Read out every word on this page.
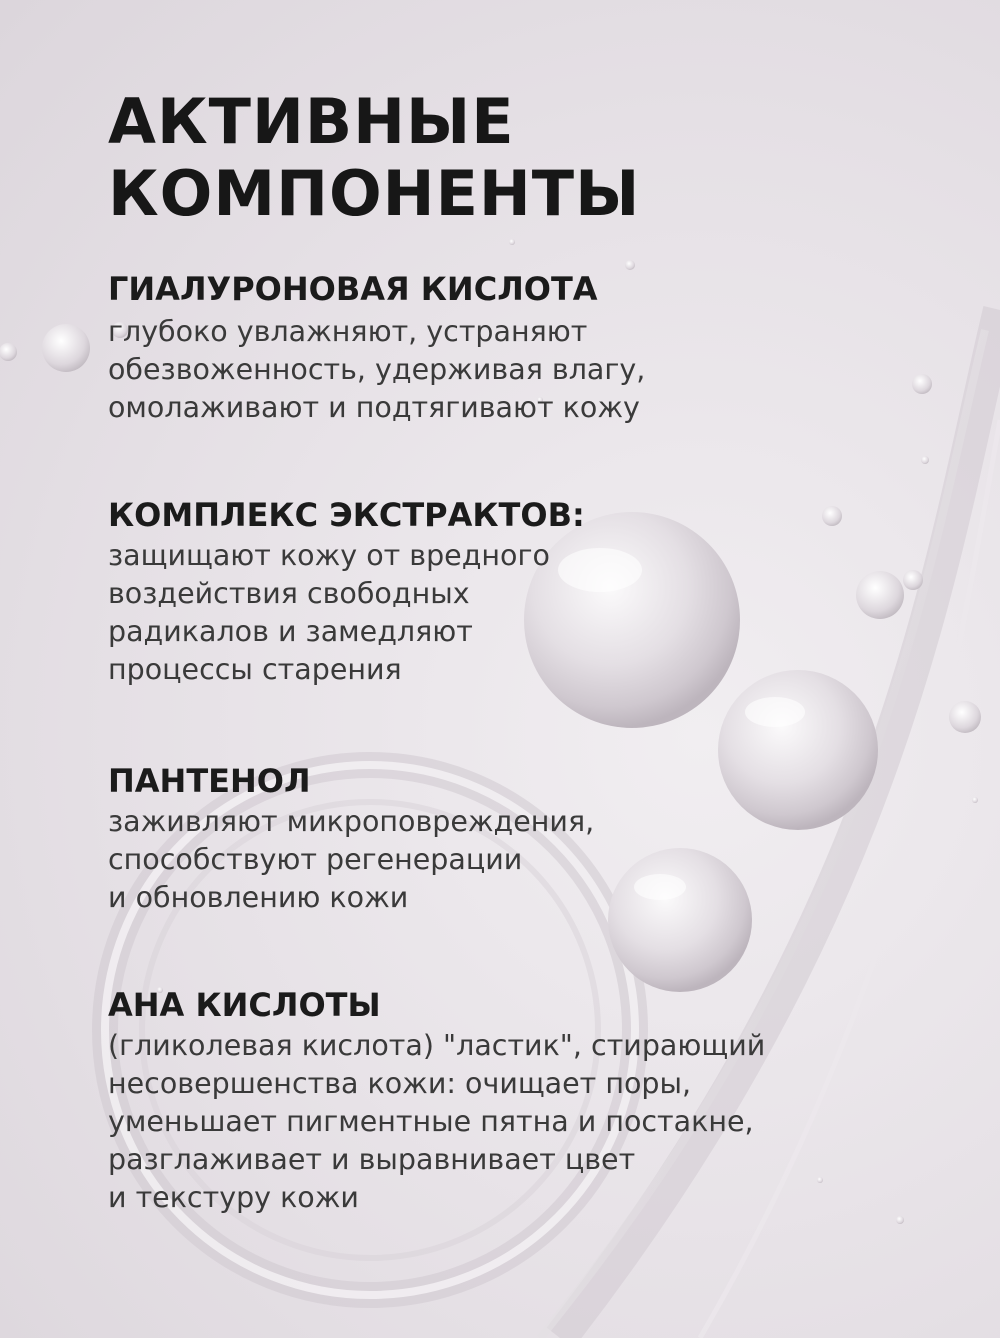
АКТИВНЫЕ
КОМПОНЕНТЫ
ГИАЛУРОНОВАЯ КИСЛОТА
глубоко увлажняют, устраняют
обезвоженность, удерживая влагу,
омолаживают и подтягивают кожу
КОМПЛЕКС ЭКСТРАКТОВ:
защищают кожу от вредного
воздействия свободных
радикалов и замедляют
процессы старения
ПАНТЕНОЛ
заживляют микроповреждения,
способствуют регенерации
и обновлению кожи
АНА КИСЛОТЫ
(гликолевая кислота) "ластик", стирающий
несовершенства кожи: очищает поры,
уменьшает пигментные пятна и постакне,
разглаживает и выравнивает цвет
и текстуру кожи
